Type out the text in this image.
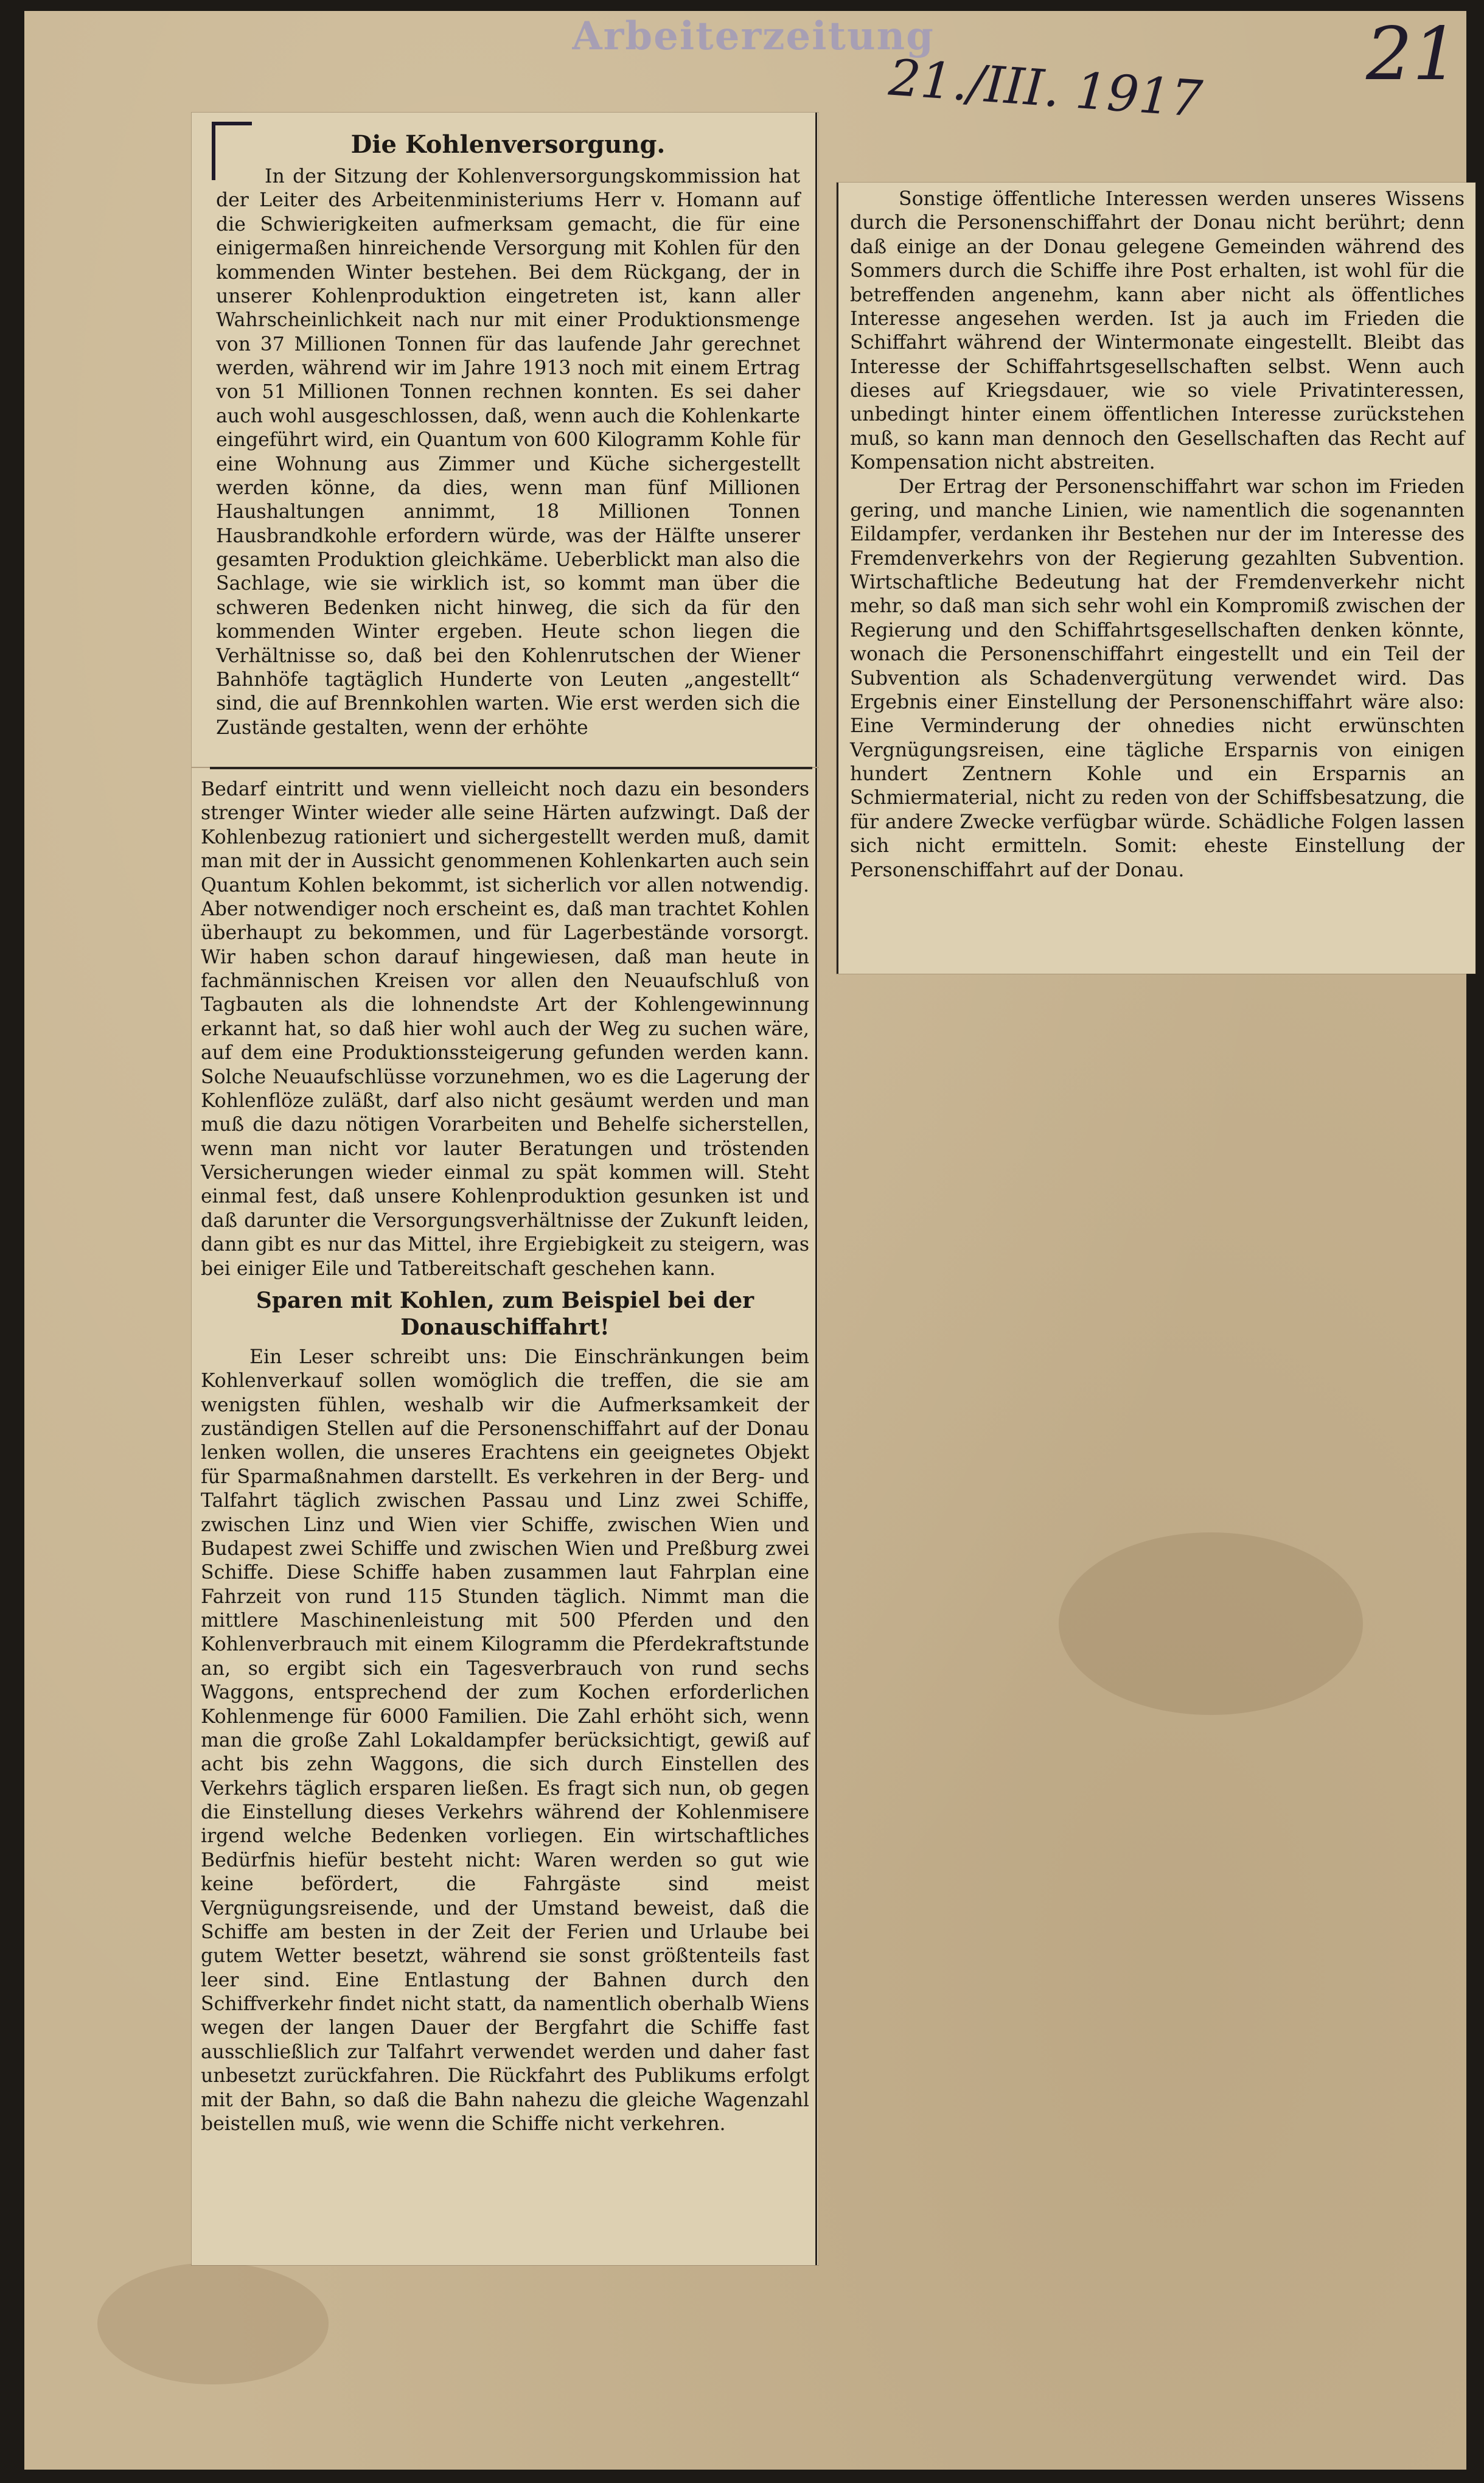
Arbeiterzeitung
21./III. 1917 21
Die Kohlenversorgung.

In der Sitzung der Kohlenversorgungskommission hat der Leiter des Arbeitenministeriums Herr v. Homann auf die Schwierigkeiten aufmerksam gemacht, die für eine einigermaßen hinreichende Versorgung mit Kohlen für den kommenden Winter bestehen. Bei dem Rückgang, der in unserer Kohlenproduktion eingetreten ist, kann aller Wahrscheinlichkeit nach nur mit einer Produktionsmenge von 37 Millionen Tonnen für das laufende Jahr gerechnet werden, während wir im Jahre 1913 noch mit einem Ertrag von 51 Millionen Tonnen rechnen konnten. Es sei daher auch wohl ausgeschlossen, daß, wenn auch die Kohlenkarte eingeführt wird, ein Quantum von 600 Kilogramm Kohle für eine Wohnung aus Zimmer und Küche sichergestellt werden könne, da dies, wenn man fünf Millionen Haushaltungen annimmt, 18 Millionen Tonnen Hausbrandkohle erfordern würde, was der Hälfte unserer gesamten Produktion gleichkäme. Ueberblickt man also die Sachlage, wie sie wirklich ist, so kommt man über die schweren Bedenken nicht hinweg, die sich da für den kommenden Winter ergeben. Heute schon liegen die Verhältnisse so, daß bei den Kohlenrutschen der Wiener Bahnhöfe tagtäglich Hunderte von Leuten „angestellt“ sind, die auf Brennkohlen warten. Wie erst werden sich die Zustände gestalten, wenn der erhöhte

Bedarf eintritt und wenn vielleicht noch dazu ein besonders strenger Winter wieder alle seine Härten aufzwingt. Daß der Kohlenbezug rationiert und sichergestellt werden muß, damit man mit der in Aussicht genommenen Kohlenkarten auch sein Quantum Kohlen bekommt, ist sicherlich vor allen notwendig. Aber notwendiger noch erscheint es, daß man trachtet Kohlen überhaupt zu bekommen, und für Lagerbestände vorsorgt. Wir haben schon darauf hingewiesen, daß man heute in fachmännischen Kreisen vor allen den Neuaufschluß von Tagbauten als die lohnendste Art der Kohlengewinnung erkannt hat, so daß hier wohl auch der Weg zu suchen wäre, auf dem eine Produktionssteigerung gefunden werden kann. Solche Neuaufschlüsse vorzunehmen, wo es die Lagerung der Kohlenflöze zuläßt, darf also nicht gesäumt werden und man muß die dazu nötigen Vorarbeiten und Behelfe sicherstellen, wenn man nicht vor lauter Beratungen und tröstenden Versicherungen wieder einmal zu spät kommen will. Steht einmal fest, daß unsere Kohlenproduktion gesunken ist und daß darunter die Versorgungsverhältnisse der Zukunft leiden, dann gibt es nur das Mittel, ihre Ergiebigkeit zu steigern, was bei einiger Eile und Tatbereitschaft geschehen kann.

Sparen mit Kohlen, zum Beispiel bei der Donauschiffahrt!

Ein Leser schreibt uns: Die Einschränkungen beim Kohlenverkauf sollen womöglich die treffen, die sie am wenigsten fühlen, weshalb wir die Aufmerksamkeit der zuständigen Stellen auf die Personenschiffahrt auf der Donau lenken wollen, die unseres Erachtens ein geeignetes Objekt für Sparmaßnahmen darstellt. Es verkehren in der Berg- und Talfahrt täglich zwischen Passau und Linz zwei Schiffe, zwischen Linz und Wien vier Schiffe, zwischen Wien und Budapest zwei Schiffe und zwischen Wien und Preßburg zwei Schiffe. Diese Schiffe haben zusammen laut Fahrplan eine Fahrzeit von rund 115 Stunden täglich. Nimmt man die mittlere Maschinenleistung mit 500 Pferden und den Kohlenverbrauch mit einem Kilogramm die Pferdekraftstunde an, so ergibt sich ein Tagesverbrauch von rund sechs Waggons, entsprechend der zum Kochen erforderlichen Kohlenmenge für 6000 Familien. Die Zahl erhöht sich, wenn man die große Zahl Lokaldampfer berücksichtigt, gewiß auf acht bis zehn Waggons, die sich durch Einstellen des Verkehrs täglich ersparen ließen. Es fragt sich nun, ob gegen die Einstellung dieses Verkehrs während der Kohlenmisere irgend welche Bedenken vorliegen. Ein wirtschaftliches Bedürfnis hiefür besteht nicht: Waren werden so gut wie keine befördert, die Fahrgäste sind meist Vergnügungsreisende, und der Umstand beweist, daß die Schiffe am besten in der Zeit der Ferien und Urlaube bei gutem Wetter besetzt, während sie sonst größtenteils fast leer sind. Eine Entlastung der Bahnen durch den Schiffverkehr findet nicht statt, da namentlich oberhalb Wiens wegen der langen Dauer der Bergfahrt die Schiffe fast ausschließlich zur Talfahrt verwendet werden und daher fast unbesetzt zurückfahren. Die Rückfahrt des Publikums erfolgt mit der Bahn, so daß die Bahn nahezu die gleiche Wagenzahl beistellen muß, wie wenn die Schiffe nicht verkehren.

Sonstige öffentliche Interessen werden unseres Wissens durch die Personenschiffahrt der Donau nicht berührt; denn daß einige an der Donau gelegene Gemeinden während des Sommers durch die Schiffe ihre Post erhalten, ist wohl für die betreffenden angenehm, kann aber nicht als öffentliches Interesse angesehen werden. Ist ja auch im Frieden die Schiffahrt während der Wintermonate eingestellt. Bleibt das Interesse der Schiffahrtsgesellschaften selbst. Wenn auch dieses auf Kriegsdauer, wie so viele Privatinteressen, unbedingt hinter einem öffentlichen Interesse zurückstehen muß, so kann man dennoch den Gesellschaften das Recht auf Kompensation nicht abstreiten.

Der Ertrag der Personenschiffahrt war schon im Frieden gering, und manche Linien, wie namentlich die sogenannten Eildampfer, verdanken ihr Bestehen nur der im Interesse des Fremdenverkehrs von der Regierung gezahlten Subvention. Wirtschaftliche Bedeutung hat der Fremdenverkehr nicht mehr, so daß man sich sehr wohl ein Kompromiß zwischen der Regierung und den Schiffahrtsgesellschaften denken könnte, wonach die Personenschiffahrt eingestellt und ein Teil der Subvention als Schadenvergütung verwendet wird. Das Ergebnis einer Einstellung der Personenschiffahrt wäre also: Eine Verminderung der ohnedies nicht erwünschten Vergnügungsreisen, eine tägliche Ersparnis von einigen hundert Zentnern Kohle und ein Ersparnis an Schmiermaterial, nicht zu reden von der Schiffsbesatzung, die für andere Zwecke verfügbar würde. Schädliche Folgen lassen sich nicht ermitteln. Somit: eheste Einstellung der Personenschiffahrt auf der Donau.
